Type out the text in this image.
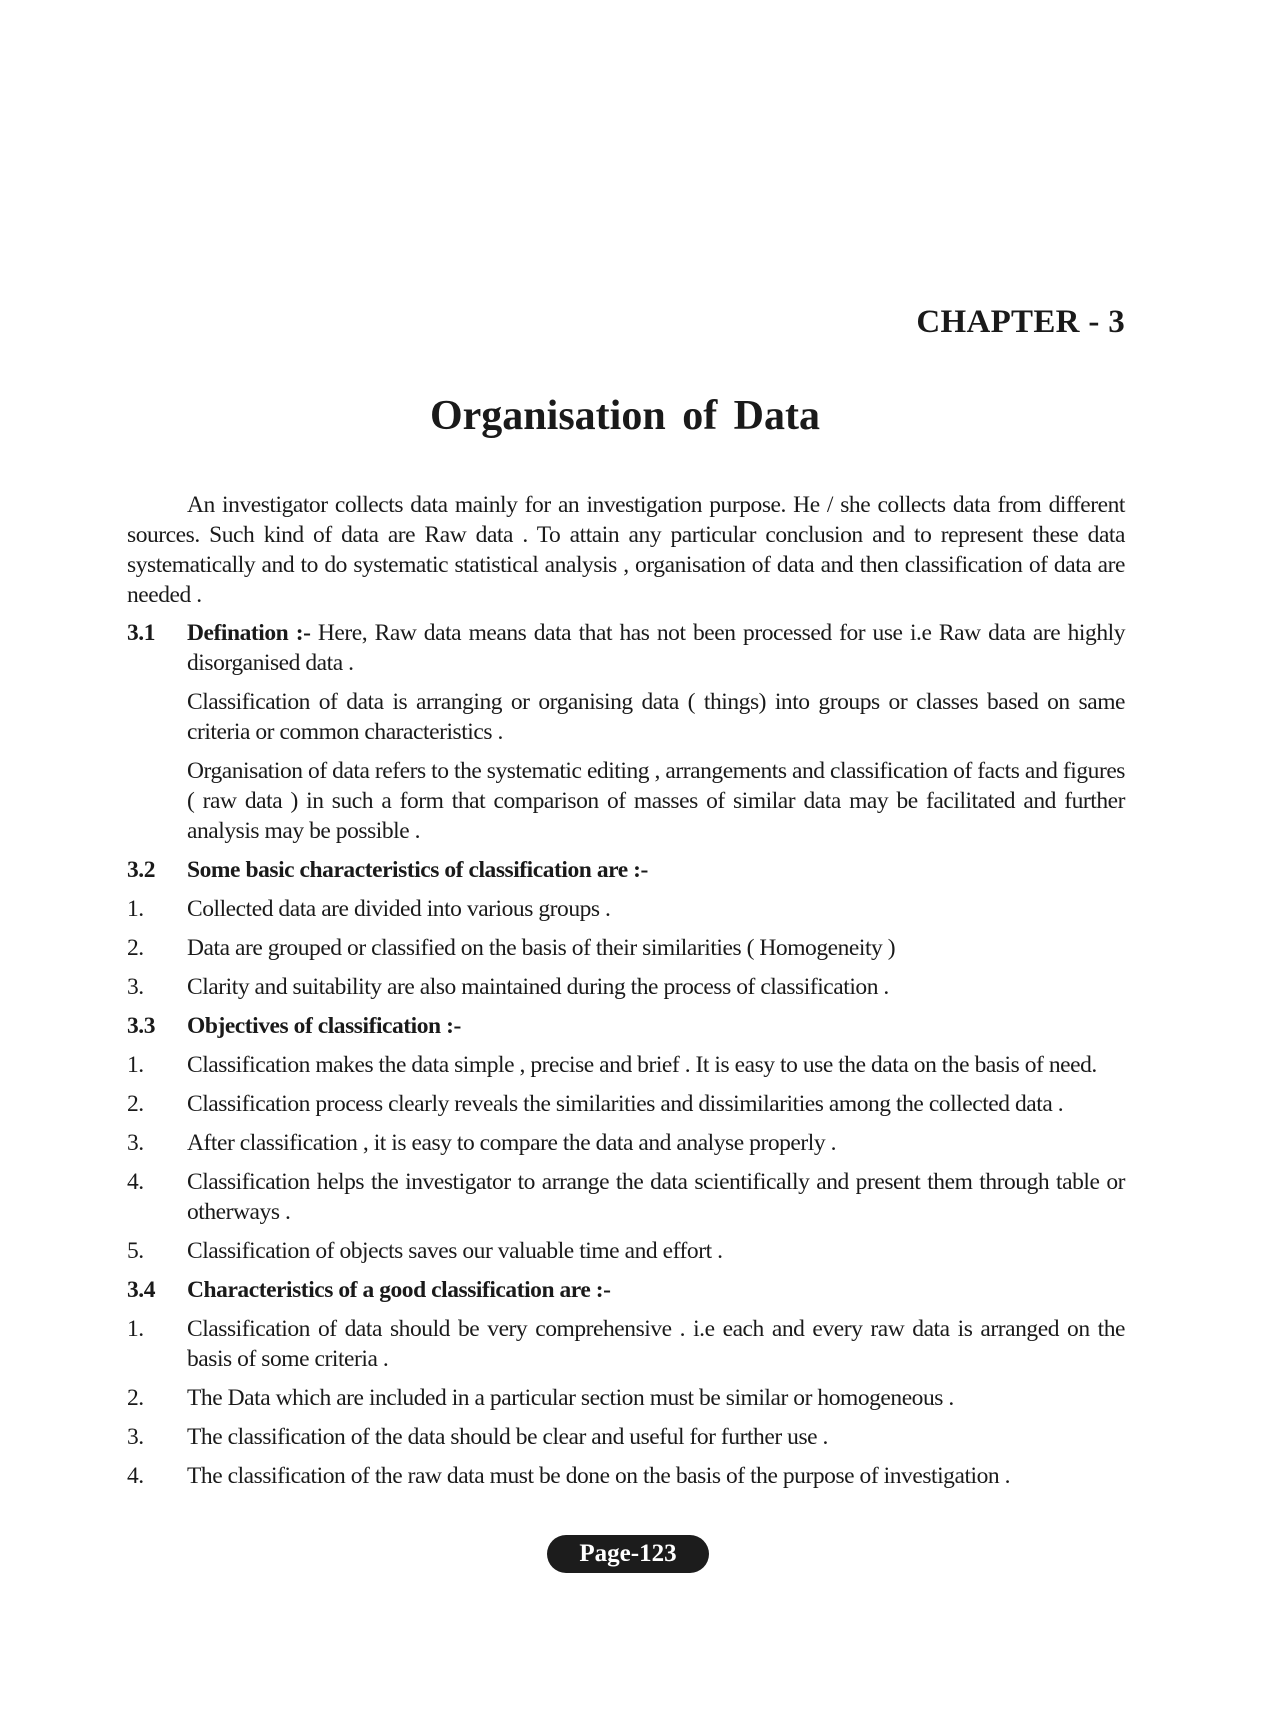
CHAPTER - 3
Organisation of Data

An investigator collects data mainly for an investigation purpose. He / she collects data from different sources. Such kind of data are Raw data . To attain any particular conclusion and to represent these data systematically and to do systematic statistical analysis , organisation of data and then classification of data are needed .

3.1	Defination :- Here, Raw data means data that has not been processed for use i.e Raw data are highly disorganised data .
Classification of data is arranging or organising data ( things) into groups or classes based on same criteria or common characteristics .
Organisation of data refers to the systematic editing , arrangements and classification of facts and figures ( raw data ) in such a form that comparison of masses of similar data may be facilitated and further analysis may be possible .
3.2	Some basic characteristics of classification are :-
1.	Collected data are divided into various groups .
2.	Data are grouped or classified on the basis of their similarities ( Homogeneity )
3.	Clarity and suitability are also maintained during the process of classification .
3.3	Objectives of classification :-
1.	Classification makes the data simple , precise and brief . It is easy to use the data on the basis of need.
2.	Classification process clearly reveals the similarities and dissimilarities among the collected data .
3.	After classification , it is easy to compare the data and analyse properly .
4.	Classification helps the investigator to arrange the data scientifically and present them through table or otherways .
5.	Classification of objects saves our valuable time and effort .
3.4	Characteristics of a good classification are :-
1.	Classification of data should be very comprehensive . i.e each and every raw data is arranged on the basis of some criteria .
2.	The Data which are included in a particular section must be similar or homogeneous .
3.	The classification of the data should be clear and useful for further use .
4.	The classification of the raw data must be done on the basis of the purpose of investigation .
Page-123
